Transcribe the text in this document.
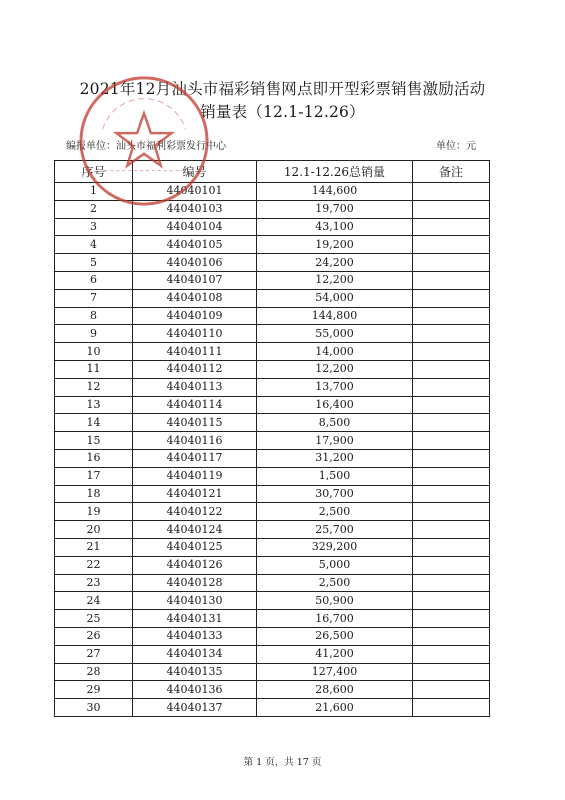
2021年12月汕头市福彩销售网点即开型彩票销售激励活动
销量表（12.1-12.26）
编报单位：汕头市福利彩票发行中心	单位：元
序号	编号	12.1-12.26总销量	备注
1	44040101	144,600	
2	44040103	19,700	
3	44040104	43,100	
4	44040105	19,200	
5	44040106	24,200	
6	44040107	12,200	
7	44040108	54,000	
8	44040109	144,800	
9	44040110	55,000	
10	44040111	14,000	
11	44040112	12,200	
12	44040113	13,700	
13	44040114	16,400	
14	44040115	8,500	
15	44040116	17,900	
16	44040117	31,200	
17	44040119	1,500	
18	44040121	30,700	
19	44040122	2,500	
20	44040124	25,700	
21	44040125	329,200	
22	44040126	5,000	
23	44040128	2,500	
24	44040130	50,900	
25	44040131	16,700	
26	44040133	26,500	
27	44040134	41,200	
28	44040135	127,400	
29	44040136	28,600	
30	44040137	21,600	
第 1 页，共 17 页
